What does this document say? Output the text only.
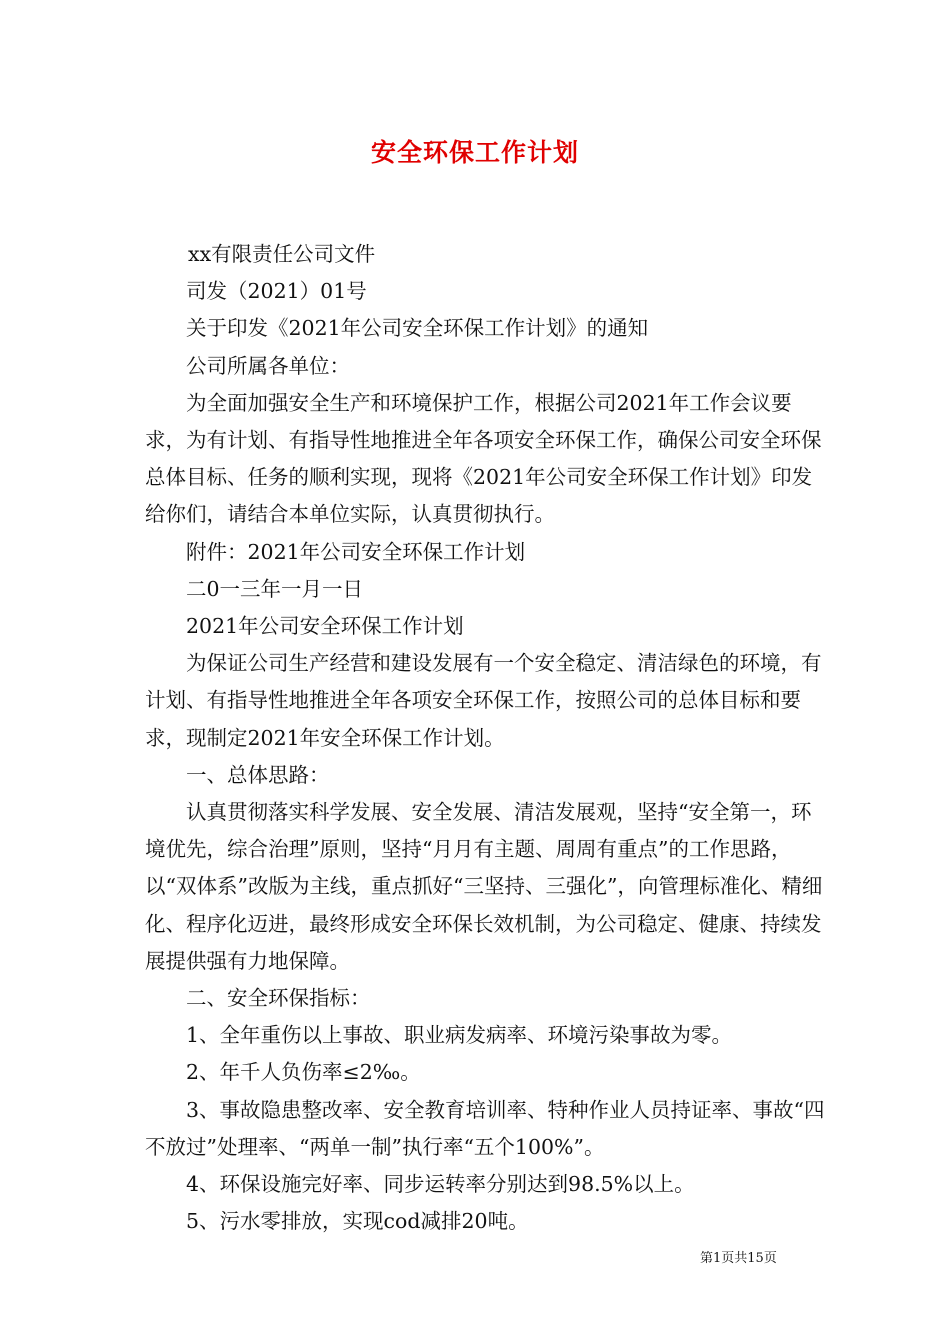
安全环保工作计划

xx有限责任公司文件

司发（2021）01号

关于印发《2021年公司安全环保工作计划》的通知

公司所属各单位：

为全面加强安全生产和环境保护工作，根据公司2021年工作会议要求，为有计划、有指导性地推进全年各项安全环保工作，确保公司安全环保总体目标、任务的顺利实现，现将《2021年公司安全环保工作计划》印发给你们，请结合本单位实际，认真贯彻执行。

附件：2021年公司安全环保工作计划

二0一三年一月一日

2021年公司安全环保工作计划

为保证公司生产经营和建设发展有一个安全稳定、清洁绿色的环境，有计划、有指导性地推进全年各项安全环保工作，按照公司的总体目标和要求，现制定2021年安全环保工作计划。

一、总体思路：

认真贯彻落实科学发展、安全发展、清洁发展观，坚持“安全第一，环境优先，综合治理”原则，坚持“月月有主题、周周有重点”的工作思路，以“双体系”改版为主线，重点抓好“三坚持、三强化”，向管理标准化、精细化、程序化迈进，最终形成安全环保长效机制，为公司稳定、健康、持续发展提供强有力地保障。

二、安全环保指标：

1、全年重伤以上事故、职业病发病率、环境污染事故为零。

2、年千人负伤率≤2‰。

3、事故隐患整改率、安全教育培训率、特种作业人员持证率、事故“四不放过”处理率、“两单一制”执行率“五个100%”。

4、环保设施完好率、同步运转率分别达到98.5%以上。

5、污水零排放，实现cod减排20吨。

第1页共15页
